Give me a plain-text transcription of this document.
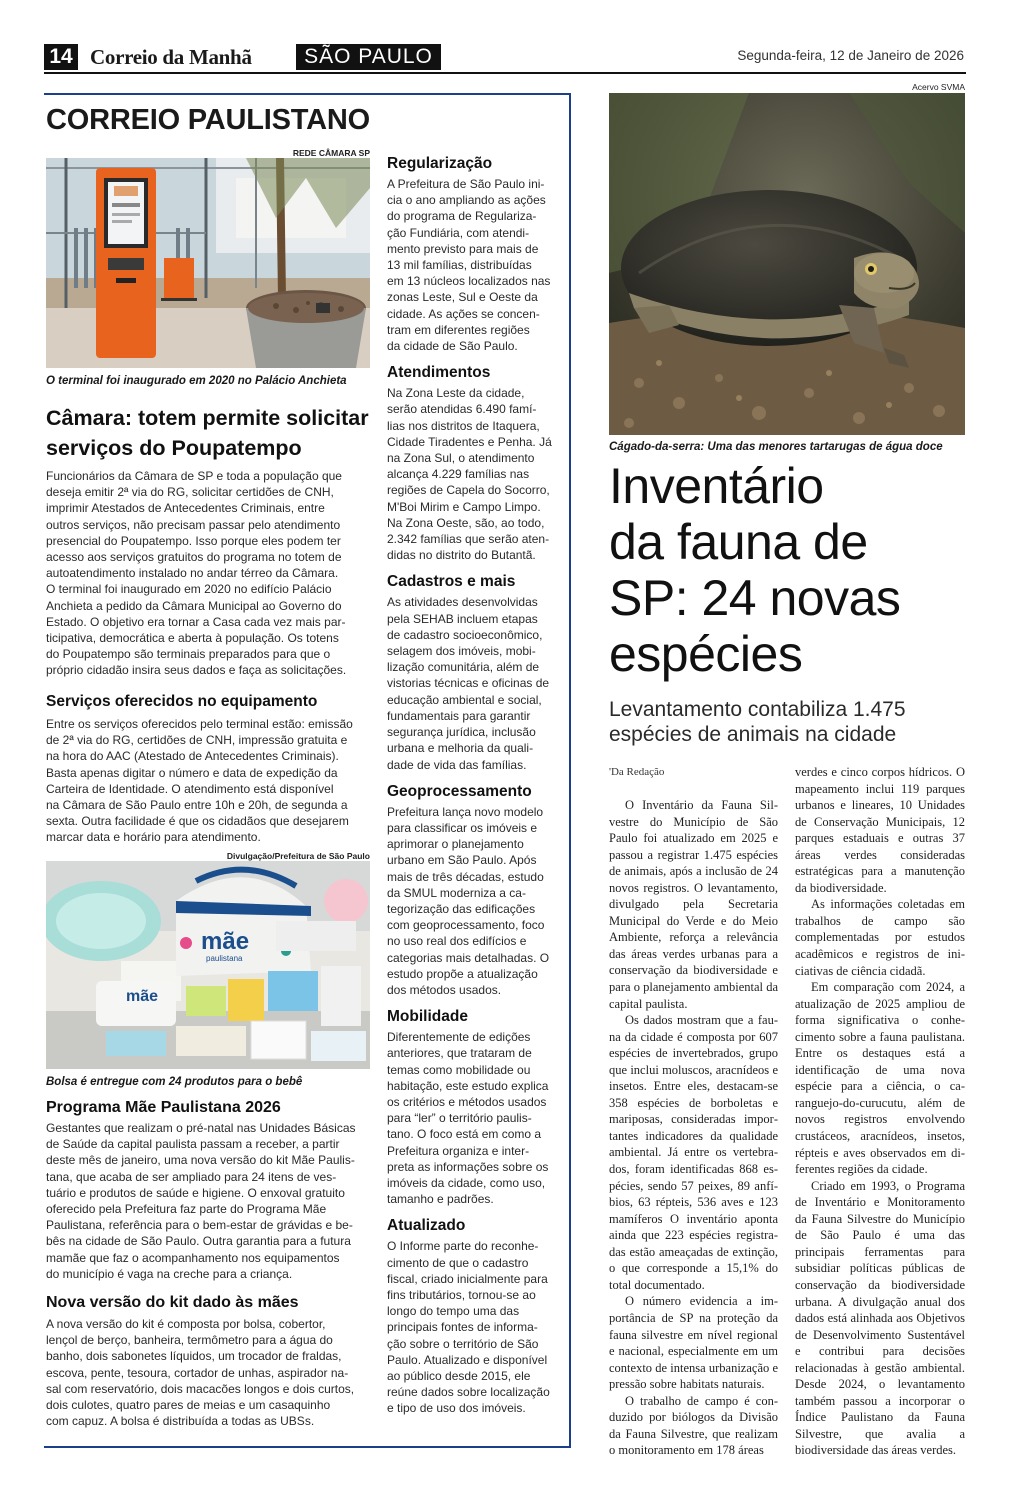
14 Correio da Manhã	SÃO PAULO	Segunda-feira, 12 de Janeiro de 2026
CORREIO PAULISTANO
REDE CÂMARA SP
O terminal foi inaugurado em 2020 no Palácio Anchieta
Câmara: totem permite solicitar
serviços do Poupatempo
Funcionários da Câmara de SP e toda a população que
deseja emitir 2ª via do RG, solicitar certidões de CNH,
imprimir Atestados de Antecedentes Criminais, entre
outros serviços, não precisam passar pelo atendimento
presencial do Poupatempo. Isso porque eles podem ter
acesso aos serviços gratuitos do programa no totem de
autoatendimento instalado no andar térreo da Câmara.
O terminal foi inaugurado em 2020 no edifício Palácio
Anchieta a pedido da Câmara Municipal ao Governo do
Estado. O objetivo era tornar a Casa cada vez mais par-
ticipativa, democrática e aberta à população. Os totens
do Poupatempo são terminais preparados para que o
próprio cidadão insira seus dados e faça as solicitações.
Serviços oferecidos no equipamento
Entre os serviços oferecidos pelo terminal estão: emissão
de 2ª via do RG, certidões de CNH, impressão gratuita e
na hora do AAC (Atestado de Antecedentes Criminais).
Basta apenas digitar o número e data de expedição da
Carteira de Identidade. O atendimento está disponível
na Câmara de São Paulo entre 10h e 20h, de segunda a
sexta. Outra facilidade é que os cidadãos que desejarem
marcar data e horário para atendimento.
Divulgação/Prefeitura de São Paulo
mãe
paulistana
mãe
Bolsa é entregue com 24 produtos para o bebê
Programa Mãe Paulistana 2026
Gestantes que realizam o pré-natal nas Unidades Básicas
de Saúde da capital paulista passam a receber, a partir
deste mês de janeiro, uma nova versão do kit Mãe Paulis-
tana, que acaba de ser ampliado para 24 itens de ves-
tuário e produtos de saúde e higiene. O enxoval gratuito
oferecido pela Prefeitura faz parte do Programa Mãe
Paulistana, referência para o bem-estar de grávidas e be-
bês na cidade de São Paulo. Outra garantia para a futura
mamãe que faz o acompanhamento nos equipamentos
do município é vaga na creche para a criança.
Nova versão do kit dado às mães
A nova versão do kit é composta por bolsa, cobertor,
lençol de berço, banheira, termômetro para a água do
banho, dois sabonetes líquidos, um trocador de fraldas,
escova, pente, tesoura, cortador de unhas, aspirador na-
sal com reservatório, dois macacões longos e dois curtos,
dois culotes, quatro pares de meias e um casaquinho
com capuz. A bolsa é distribuída a todas as UBSs.
Regularização
A Prefeitura de São Paulo ini-
cia o ano ampliando as ações
do programa de Regulariza-
ção Fundiária, com atendi-
mento previsto para mais de
13 mil famílias, distribuídas
em 13 núcleos localizados nas
zonas Leste, Sul e Oeste da
cidade. As ações se concen-
tram em diferentes regiões
da cidade de São Paulo.
Atendimentos
Na Zona Leste da cidade,
serão atendidas 6.490 famí-
lias nos distritos de Itaquera,
Cidade Tiradentes e Penha. Já
na Zona Sul, o atendimento
alcança 4.229 famílias nas
regiões de Capela do Socorro,
M'Boi Mirim e Campo Limpo.
Na Zona Oeste, são, ao todo,
2.342 famílias que serão aten-
didas no distrito do Butantã.
Cadastros e mais
As atividades desenvolvidas
pela SEHAB incluem etapas
de cadastro socioeconômico,
selagem dos imóveis, mobi-
lização comunitária, além de
vistorias técnicas e oficinas de
educação ambiental e social,
fundamentais para garantir
segurança jurídica, inclusão
urbana e melhoria da quali-
dade de vida das famílias.
Geoprocessamento
Prefeitura lança novo modelo
para classificar os imóveis e
aprimorar o planejamento
urbano em São Paulo. Após
mais de três décadas, estudo
da SMUL moderniza a ca-
tegorização das edificações
com geoprocessamento, foco
no uso real dos edifícios e
categorias mais detalhadas. O
estudo propõe a atualização
dos métodos usados.
Mobilidade
Diferentemente de edições
anteriores, que trataram de
temas como mobilidade ou
habitação, este estudo explica
os critérios e métodos usados
para “ler” o território paulis-
tano. O foco está em como a
Prefeitura organiza e inter-
preta as informações sobre os
imóveis da cidade, como uso,
tamanho e padrões.
Atualizado
O Informe parte do reconhe-
cimento de que o cadastro
fiscal, criado inicialmente para
fins tributários, tornou-se ao
longo do tempo uma das
principais fontes de informa-
ção sobre o território de São
Paulo. Atualizado e disponível
ao público desde 2015, ele
reúne dados sobre localização
e tipo de uso dos imóveis.
Acervo SVMA
Cágado-da-serra: Uma das menores tartarugas de água doce
Inventário
da fauna de
SP: 24 novas
espécies
Levantamento contabiliza 1.475
espécies de animais na cidade
'Da Redação

O Inventário da Fauna Silvestre do Município de São Paulo foi atualizado em 2025 e passou a registrar 1.475 espécies de animais, após a inclusão de 24 novos registros. O levantamento, divulgado pela Secretaria Municipal do Verde e do Meio Ambiente, reforça a relevância das áreas verdes urbanas para a conservação da biodiversidade e para o planejamento ambiental da capital paulista.

Os dados mostram que a fauna da cidade é composta por 607 espécies de invertebrados, grupo que inclui moluscos, aracnídeos e insetos. Entre eles, destacam-se 358 espécies de borboletas e mariposas, consideradas importantes indicadores da qualidade ambiental. Já entre os vertebrados, foram identificadas 868 espécies, sendo 57 peixes, 89 anfíbios, 63 répteis, 536 aves e 123 mamíferos O inventário aponta ainda que 223 espécies registradas estão ameaçadas de extinção, o que corresponde a 15,1% do total documentado.

O número evidencia a importância de SP na proteção da fauna silvestre em nível regional e nacional, especialmente em um contexto de intensa urbanização e pressão sobre habitats naturais.

O trabalho de campo é conduzido por biólogos da Divisão da Fauna Silvestre, que realizam o monitoramento em 178 áreas

verdes e cinco corpos hídricos. O mapeamento inclui 119 parques urbanos e lineares, 10 Unidades de Conservação Municipais, 12 parques estaduais e outras 37 áreas verdes consideradas estratégicas para a manutenção da biodiversidade.

As informações coletadas em trabalhos de campo são complementadas por estudos acadêmicos e registros de iniciativas de ciência cidadã.

Em comparação com 2024, a atualização de 2025 ampliou de forma significativa o conhecimento sobre a fauna paulistana. Entre os destaques está a identificação de uma nova espécie para a ciência, o caranguejo-do-curucutu, além de novos registros envolvendo crustáceos, aracnídeos, insetos, répteis e aves observados em diferentes regiões da cidade.

Criado em 1993, o Programa de Inventário e Monitoramento da Fauna Silvestre do Município de São Paulo é uma das principais ferramentas para subsidiar políticas públicas de conservação da biodiversidade urbana. A divulgação anual dos dados está alinhada aos Objetivos de Desenvolvimento Sustentável e contribui para decisões relacionadas à gestão ambiental. Desde 2024, o levantamento também passou a incorporar o Índice Paulistano da Fauna Silvestre, que avalia a biodiversidade das áreas verdes.
